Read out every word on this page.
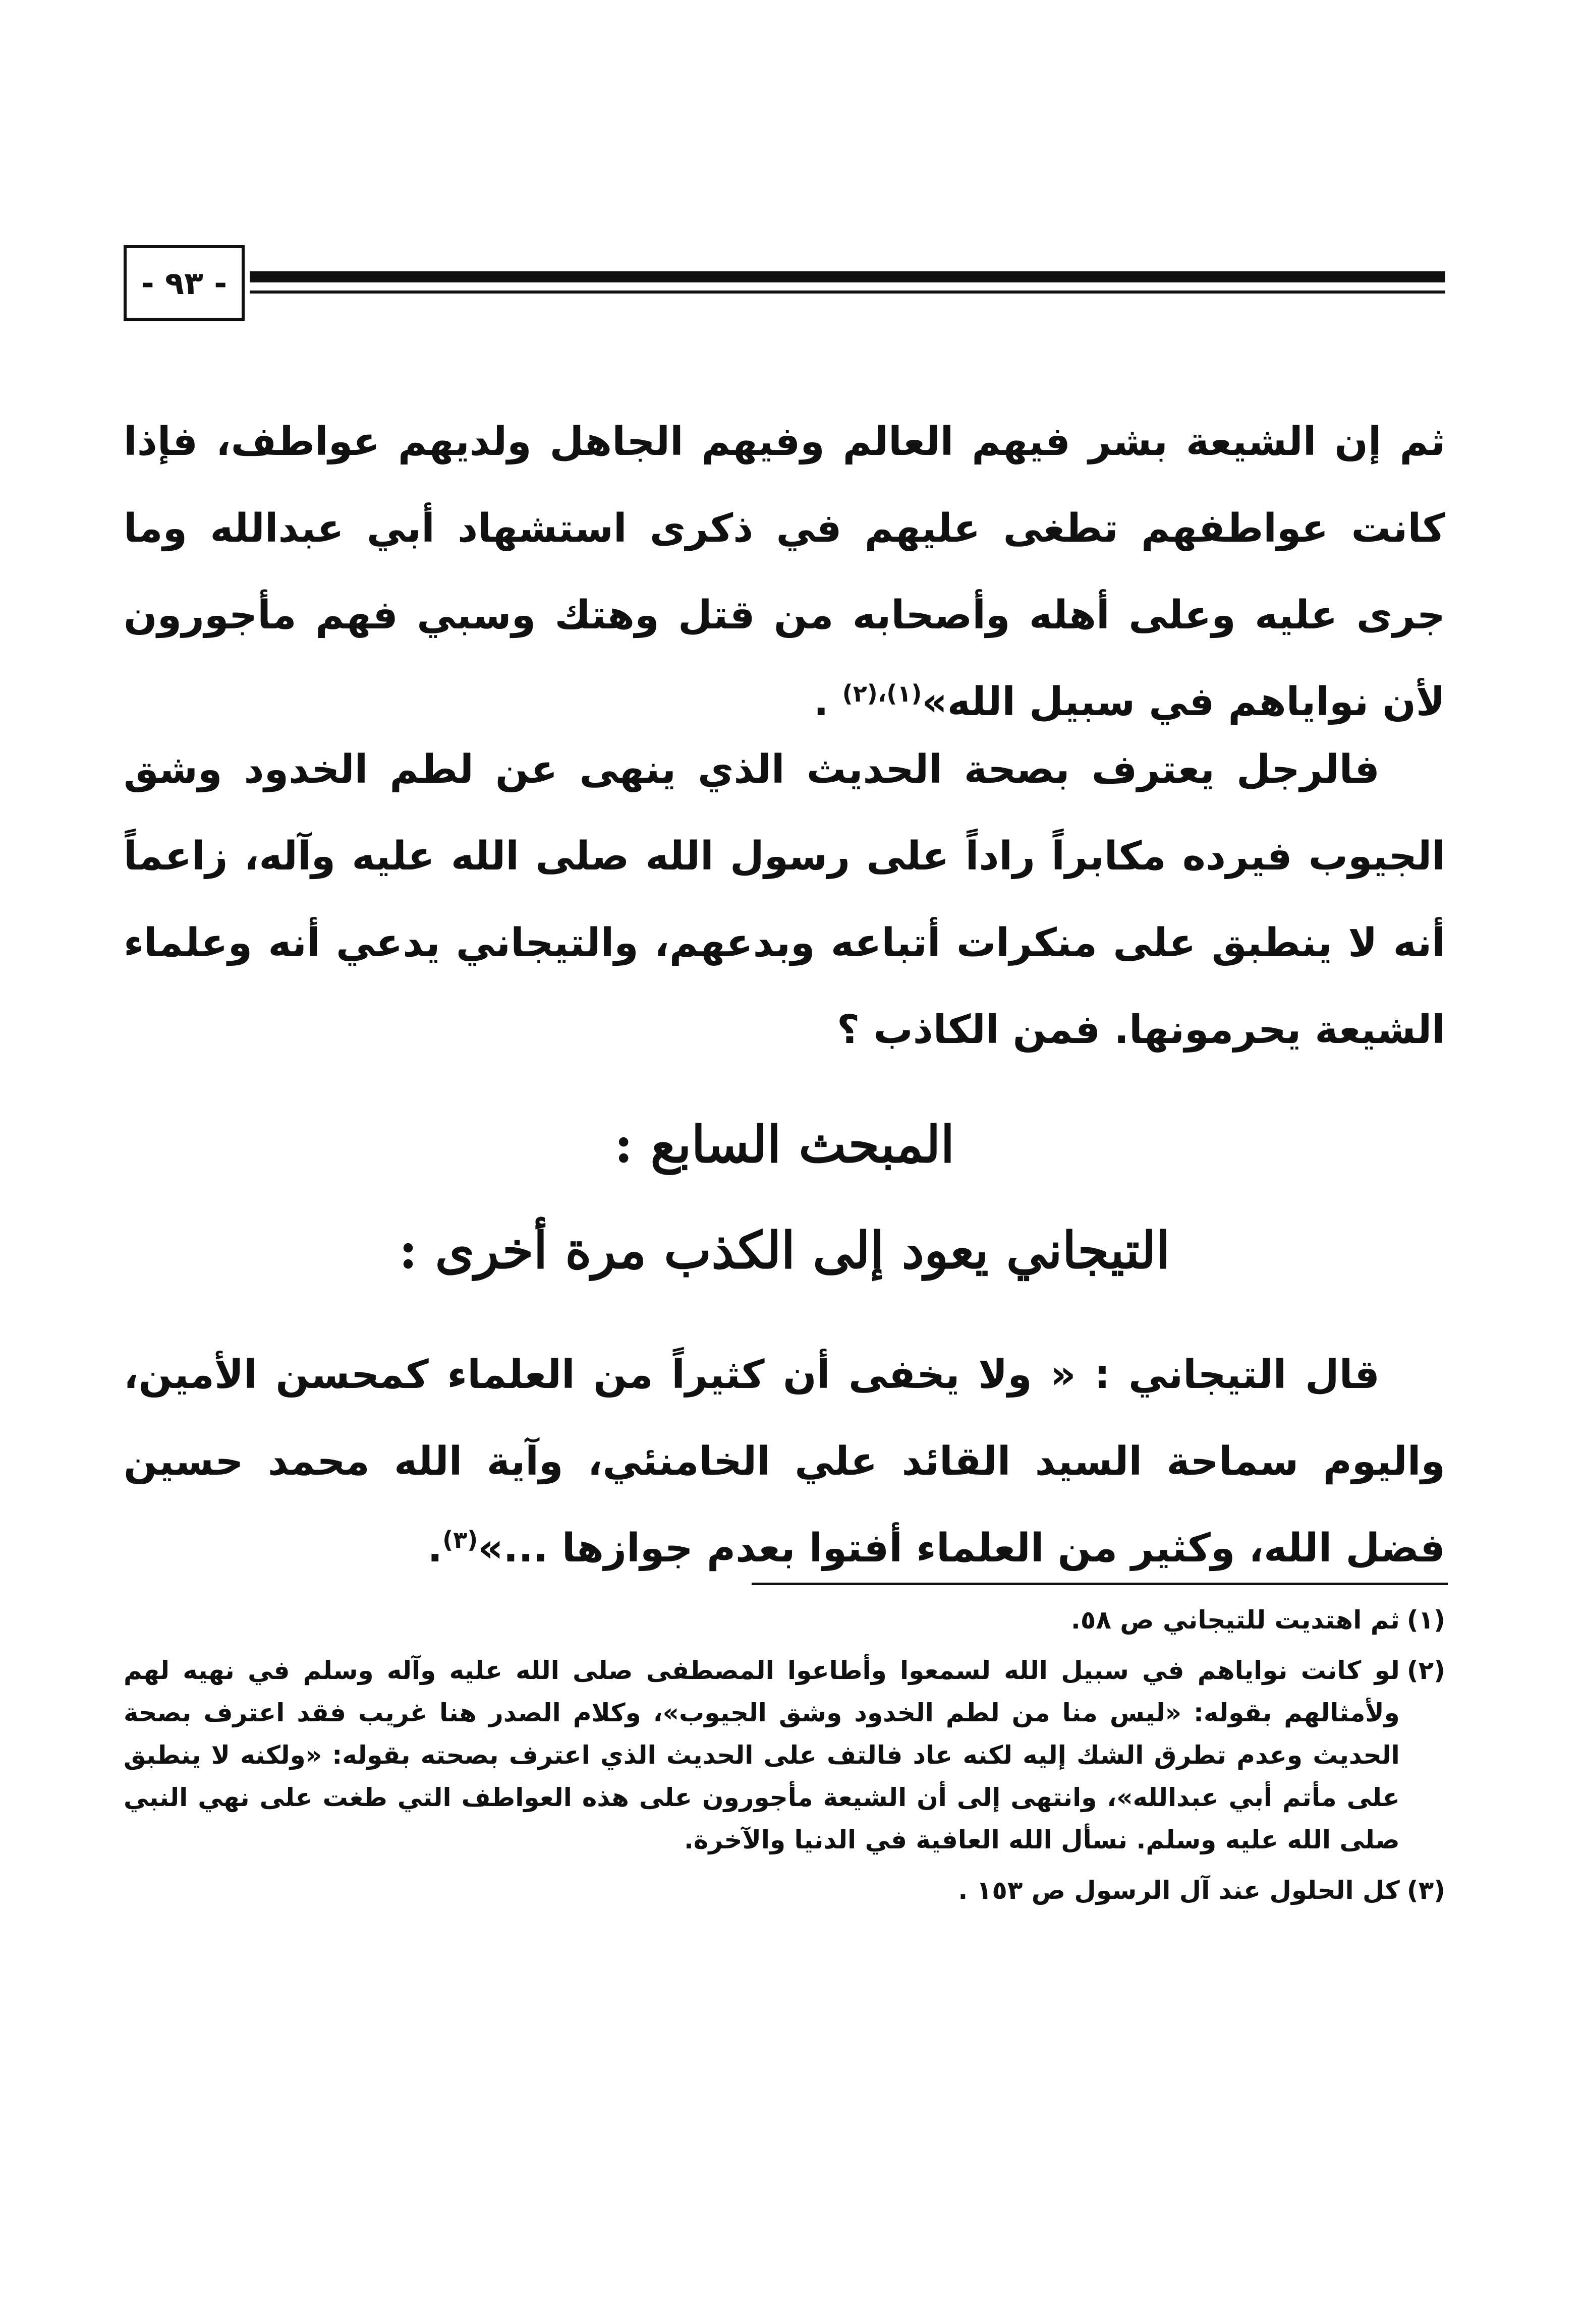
- ٩٣ -

ثم إن الشيعة بشر فيهم العالم وفيهم الجاهل ولديهم عواطف، فإذا كانت عواطفهم تطغى عليهم في ذكرى استشهاد أبي عبدالله وما جرى عليه وعلى أهله وأصحابه من قتل وهتك وسبي فهم مأجورون لأن نواياهم في سبيل الله»$^{(١)،(٢)}$ .

فالرجل يعترف بصحة الحديث الذي ينهى عن لطم الخدود وشق الجيوب فيرده مكابراً راداً على رسول الله صلى الله عليه وآله، زاعماً أنه لا ينطبق على منكرات أتباعه وبدعهم، والتيجاني يدعي أنه وعلماء الشيعة يحرمونها. فمن الكاذب ؟

المبحث السابع :
التيجاني يعود إلى الكذب مرة أخرى :

قال التيجاني : « ولا يخفى أن كثيراً من العلماء كمحسن الأمين، واليوم سماحة السيد القائد علي الخامنئي، وآية الله محمد حسين فضل الله، وكثير من العلماء أفتوا بعدم جوازها ...»$^{(٣)}$.

(١)
ثم اهتديت للتيجاني ص ٥٨.
(٢)
لو كانت نواياهم في سبيل الله لسمعوا وأطاعوا المصطفى صلى الله عليه وآله وسلم في نهيه لهم ولأمثالهم بقوله: «ليس منا من لطم الخدود وشق الجيوب»، وكلام الصدر هنا غريب فقد اعترف بصحة الحديث وعدم تطرق الشك إليه لكنه عاد فالتف على الحديث الذي اعترف بصحته بقوله: «ولكنه لا ينطبق على مأتم أبي عبدالله»، وانتهى إلى أن الشيعة مأجورون على هذه العواطف التي طغت على نهي النبي صلى الله عليه وسلم. نسأل الله العافية في الدنيا والآخرة.
(٣)
كل الحلول عند آل الرسول ص ١٥٣ .
